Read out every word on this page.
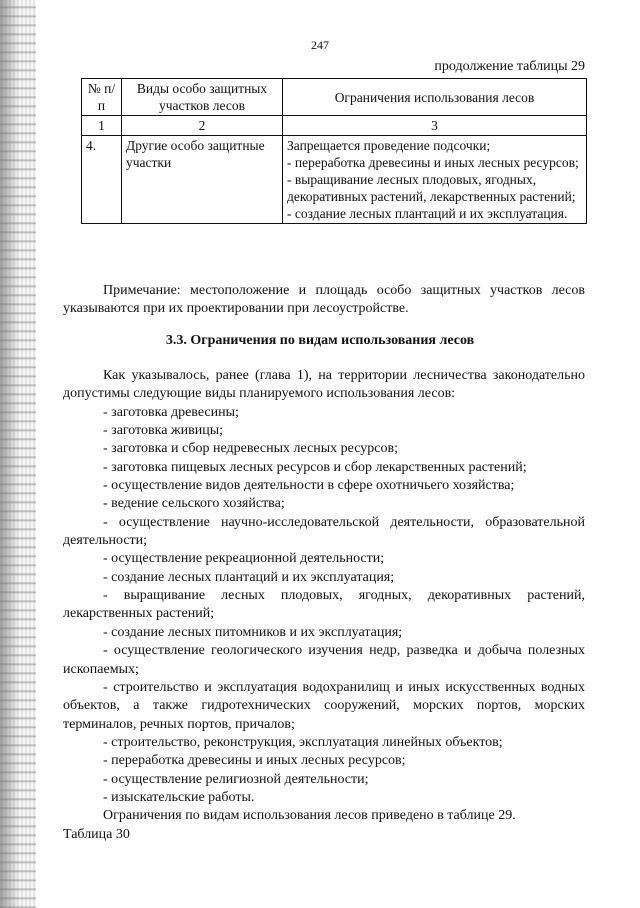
247
продолжение таблицы 29
№ п/п	Виды особо защитных участков лесов	Ограничения использования лесов
1	2	3
4.	Другие особо защитные участки	Запрещается проведение подсочки;
- переработка древесины и иных лесных ресурсов;
- выращивание лесных плодовых, ягодных, декоративных растений, лекарственных растений;
- создание лесных плантаций и их эксплуатация.

Примечание: местоположение и площадь особо защитных участков лесов указываются при их проектировании при лесоустройстве.

3.3. Ограничения по видам использования лесов

Как указывалось, ранее (глава 1), на территории лесничества законодательно допустимы следующие виды планируемого использования лесов:

- заготовка древесины;

- заготовка живицы;

- заготовка и сбор недревесных лесных ресурсов;

- заготовка пищевых лесных ресурсов и сбор лекарственных растений;

- осуществление видов деятельности в сфере охотничьего хозяйства;

- ведение сельского хозяйства;

- осуществление научно-исследовательской деятельности, образовательной деятельности;

- осуществление рекреационной деятельности;

- создание лесных плантаций и их эксплуатация;

- выращивание лесных плодовых, ягодных, декоративных растений, лекарственных растений;

- создание лесных питомников и их эксплуатация;

- осуществление геологического изучения недр, разведка и добыча полезных ископаемых;

- строительство и эксплуатация водохранилищ и иных искусственных водных объектов, а также гидротехнических сооружений, морских портов, морских терминалов, речных портов, причалов;

- строительство, реконструкция, эксплуатация линейных объектов;

- переработка древесины и иных лесных ресурсов;

- осуществление религиозной деятельности;

- изыскательские работы.

Ограничения по видам использования лесов приведено в таблице 29.

Таблица 30
